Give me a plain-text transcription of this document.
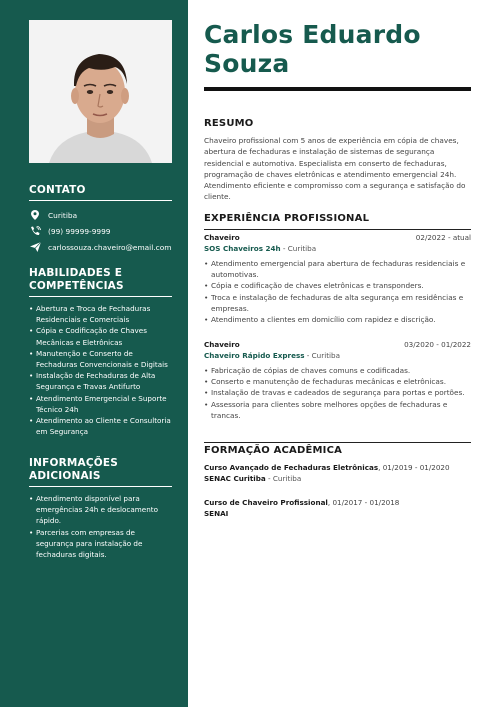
CONTATO
Curitiba
(99) 99999-9999
carlossouza.chaveiro@email.com
HABILIDADES E
COMPETÊNCIAS
• Abertura e Troca de Fechaduras Residenciais e Comerciais
• Cópia e Codificação de Chaves Mecânicas e Eletrônicas
• Manutenção e Conserto de Fechaduras Convencionais e Digitais
• Instalação de Fechaduras de Alta Segurança e Travas Antifurto
• Atendimento Emergencial e Suporte Técnico 24h
• Atendimento ao Cliente e Consultoria em Segurança
INFORMAÇÕES ADICIONAIS
• Atendimento disponível para emergências 24h e deslocamento rápido.
• Parcerias com empresas de segurança para instalação de fechaduras digitais.
Carlos Eduardo
Souza
RESUMO
Chaveiro profissional com 5 anos de experiência em cópia de chaves, abertura de fechaduras e instalação de sistemas de segurança residencial e automotiva. Especialista em conserto de fechaduras, programação de chaves eletrônicas e atendimento emergencial 24h. Atendimento eficiente e compromisso com a segurança e satisfação do cliente.
EXPERIÊNCIA PROFISSIONAL
Chaveiro	02/2022 - atual
SOS Chaveiros 24h - Curitiba
• Atendimento emergencial para abertura de fechaduras residenciais e automotivas.
• Cópia e codificação de chaves eletrônicas e transponders.
• Troca e instalação de fechaduras de alta segurança em residências e empresas.
• Atendimento a clientes em domicílio com rapidez e discrição.
Chaveiro	03/2020 - 01/2022
Chaveiro Rápido Express - Curitiba
• Fabricação de cópias de chaves comuns e codificadas.
• Conserto e manutenção de fechaduras mecânicas e eletrônicas.
• Instalação de travas e cadeados de segurança para portas e portões.
• Assessoria para clientes sobre melhores opções de fechaduras e trancas.
FORMAÇÃO ACADÊMICA
Curso Avançado de Fechaduras Eletrônicas, 01/2019 - 01/2020
SENAC Curitiba - Curitiba
Curso de Chaveiro Profissional, 01/2017 - 01/2018
SENAI
